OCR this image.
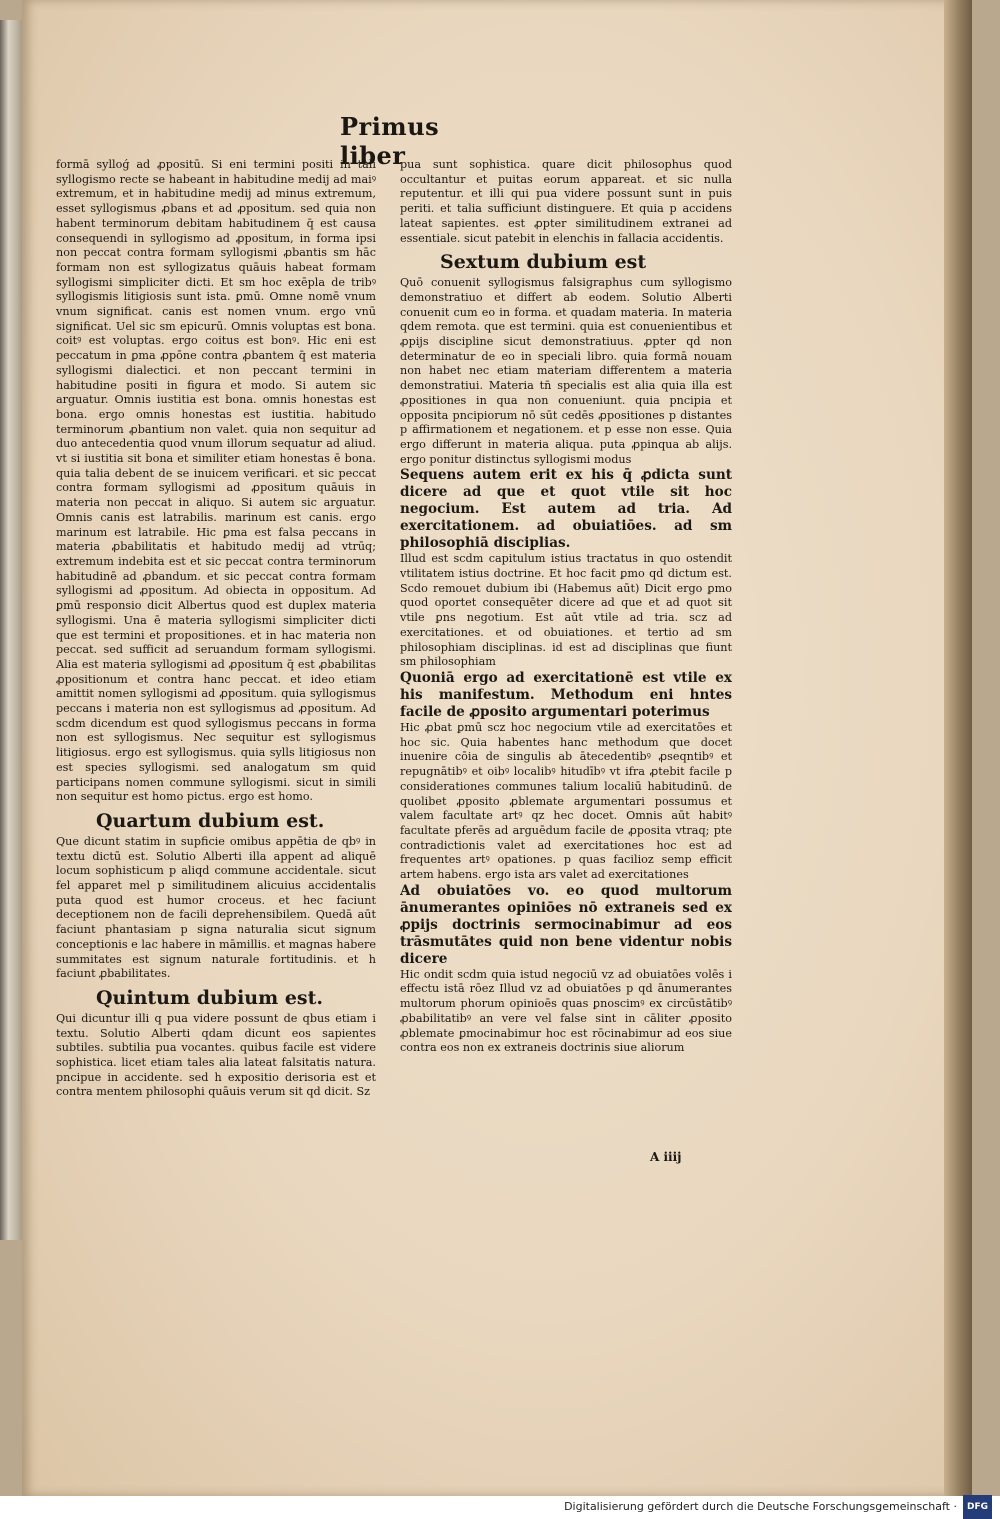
Primus liber

formā sylloǵ ad ꝓpositū. Si eni termini positi in tali syllogismo recte se habeant in habitudine medij ad maiꝰ extremum, et in habitudine medij ad minus extremum, esset syllogismus ꝓbans et ad ꝓpositum. sed quia non habent terminorum debitam habitudinem q̄ est causa consequendi in syllogismo ad ꝓpositum, in forma ipsi non peccat contra formam syllogismi ꝓbantis sm hāc formam non est syllogizatus quāuis habeat formam syllogismi simpliciter dicti. Et sm hoc exēpla de tribꝰ syllogismis litigiosis sunt ista. ꝑmū. Omne nomē vnum vnum significat. canis est nomen vnum. ergo vnū significat. Uel sic sm epicurū. Omnis voluptas est bona. coitꝰ est voluptas. ergo coitus est bonꝰ. Hic eni est peccatum in ꝑma ꝓpōne contra ꝓbantem q̄ est materia syllogismi dialectici. et non peccant termini in habitudine positi in figura et modo. Si autem sic arguatur. Omnis iustitia est bona. omnis honestas est bona. ergo omnis honestas est iustitia. habitudo terminorum ꝓbantium non valet. quia non sequitur ad duo antecedentia quod vnum illorum sequatur ad aliud. vt si iustitia sit bona et similiter etiam honestas ē bona. quia talia debent de se inuicem verificari. et sic peccat contra formam syllogismi ad ꝓpositum quāuis in materia non peccat in aliquo. Si autem sic arguatur. Omnis canis est latrabilis. marinum est canis. ergo marinum est latrabile. Hic ꝑma est falsa peccans in materia ꝓbabilitatis et habitudo medij ad vtrūq; extremum indebita est et sic peccat contra terminorum habitudinē ad ꝓbandum. et sic peccat contra formam syllogismi ad ꝓpositum. Ad obiecta in oppositum. Ad ꝑmū responsio dicit Albertus quod est duplex materia syllogismi. Una ē materia syllogismi simpliciter dicti que est termini et propositiones. et in hac materia non peccat. sed sufficit ad seruandum formam syllogismi. Alia est materia syllogismi ad ꝓpositum q̄ est ꝓbabilitas ꝓpositionum et contra hanc peccat. et ideo etiam amittit nomen syllogismi ad ꝓpositum. quia syllogismus peccans i materia non est syllogismus ad ꝓpositum. Ad scdm dicendum est quod syllogismus peccans in forma non est syllogismus. Nec sequitur est syllogismus litigiosus. ergo est syllogismus. quia sylls litigiosus non est species syllogismi. sed analogatum sm quid participans nomen commune syllogismi. sicut in simili non sequitur est homo pictus. ergo est homo.

Quartum dubium est.

Que dicunt statim in supficie omibus appētia de qbꝰ in textu dictū est. Solutio Alberti illa appent ad aliquē locum sophisticum p aliqd commune accidentale. sicut fel apparet mel p similitudinem alicuius accidentalis puta quod est humor croceus. et hec faciunt deceptionem non de facili deprehensibilem. Quedā aūt faciunt phantasiam p signa naturalia sicut signum conceptionis e lac habere in māmillis. et magnas habere summitates est signum naturale fortitudinis. et h faciunt ꝓbabilitates.

Quintum dubium est.

Qui dicuntur illi q pua videre possunt de qbus etiam i textu. Solutio Alberti qdam dicunt eos sapientes subtiles. subtilia pua vocantes. quibus facile est videre sophistica. licet etiam tales alia lateat falsitatis natura. pncipue in accidente. sed h expositio derisoria est et contra mentem philosophi quāuis verum sit qd dicit. Sz

pua sunt sophistica. quare dicit philosophus quod occultantur et puitas eorum appareat. et sic nulla reputentur. et illi qui pua videre possunt sunt in puis periti. et talia sufficiunt distinguere. Et quia p accidens lateat sapientes. est ꝓpter similitudinem extranei ad essentiale. sicut patebit in elenchis in fallacia accidentis.

Sextum dubium est

Quō conuenit syllogismus falsigraphus cum syllogismo demonstratiuo et differt ab eodem. Solutio Alberti conuenit cum eo in forma. et quadam materia. In materia qdem remota. que est termini. quia est conuenientibus et ꝓpijs discipline sicut demonstratiuus. ꝓpter qd non determinatur de eo in speciali libro. quia formā nouam non habet nec etiam materiam differentem a materia demonstratiui. Materia tn̄ specialis est alia quia illa est ꝓpositiones in qua non conueniunt. quia pncipia et opposita pncipiorum nō sūt cedēs ꝓpositiones p distantes p affirmationem et negationem. et p esse non esse. Quia ergo differunt in materia aliqua. puta ꝓpinqua ab alijs. ergo ponitur distinctus syllogismi modus

Sequens autem erit ex his q̄ ꝓdicta sunt dicere ad que et quot vtile sit hoc negocium. Est autem ad tria. Ad exercitationem. ad obuiatiōes. ad sm philosophiā disciplias.

Illud est scdm capitulum istius tractatus in quo ostendit vtilitatem istius doctrine. Et hoc facit ꝑmo qd dictum est. Scdo remouet dubium ibi (Habemus aūt) Dicit ergo ꝑmo quod oportet consequēter dicere ad que et ad quot sit vtile ꝑns negotium. Est aūt vtile ad tria. scz ad exercitationes. et od obuiationes. et tertio ad sm philosophiam disciplinas. id est ad disciplinas que fiunt sm philosophiam

Quoniā ergo ad exercitationē est vtile ex his manifestum. Methodum eni hntes facile de ꝓposito argumentari poterimus

Hic ꝓbat ꝑmū scz hoc negocium vtile ad exercitatōes et hoc sic. Quia habentes hanc methodum que docet inuenire cōia de singulis ab ātecedentibꝰ ꝓseqntibꝰ et repugnātibꝰ et oibꝰ localibꝰ hitudībꝰ vt ifra ꝓtebit facile p considerationes communes talium localiū habitudinū. de quolibet ꝓposito ꝓblemate argumentari possumus et valem facultate artꝰ qz hec docet. Omnis aūt habitꝰ facultate pferēs ad arguēdum facile de ꝓposita vtraq; pte contradictionis valet ad exercitationes hoc est ad frequentes artꝰ opationes. p quas facilioz semp efficit artem habens. ergo ista ars valet ad exercitationes

Ad obuiatōes vo. eo quod multorum ānumerantes opiniōes nō extraneis sed ex ꝓpijs doctrinis sermocinabimur ad eos trāsmutātes quid non bene videntur nobis dicere

Hic ondit scdm quia istud negociū vz ad obuiatōes volēs i effectu istā rōez Illud vz ad obuiatōes p qd ānumerantes multorum phorum opinioēs quas ꝑnoscimꝰ ex circūstātibꝰ ꝓbabilitatibꝰ an vere vel false sint in cāliter ꝓposito ꝓblemate ꝑmocinabimur hoc est rōcinabimur ad eos siue contra eos non ex extraneis doctrinis siue aliorum

A iiij
Digitalisierung gefördert durch die Deutsche Forschungsgemeinschaft ·	DFG
